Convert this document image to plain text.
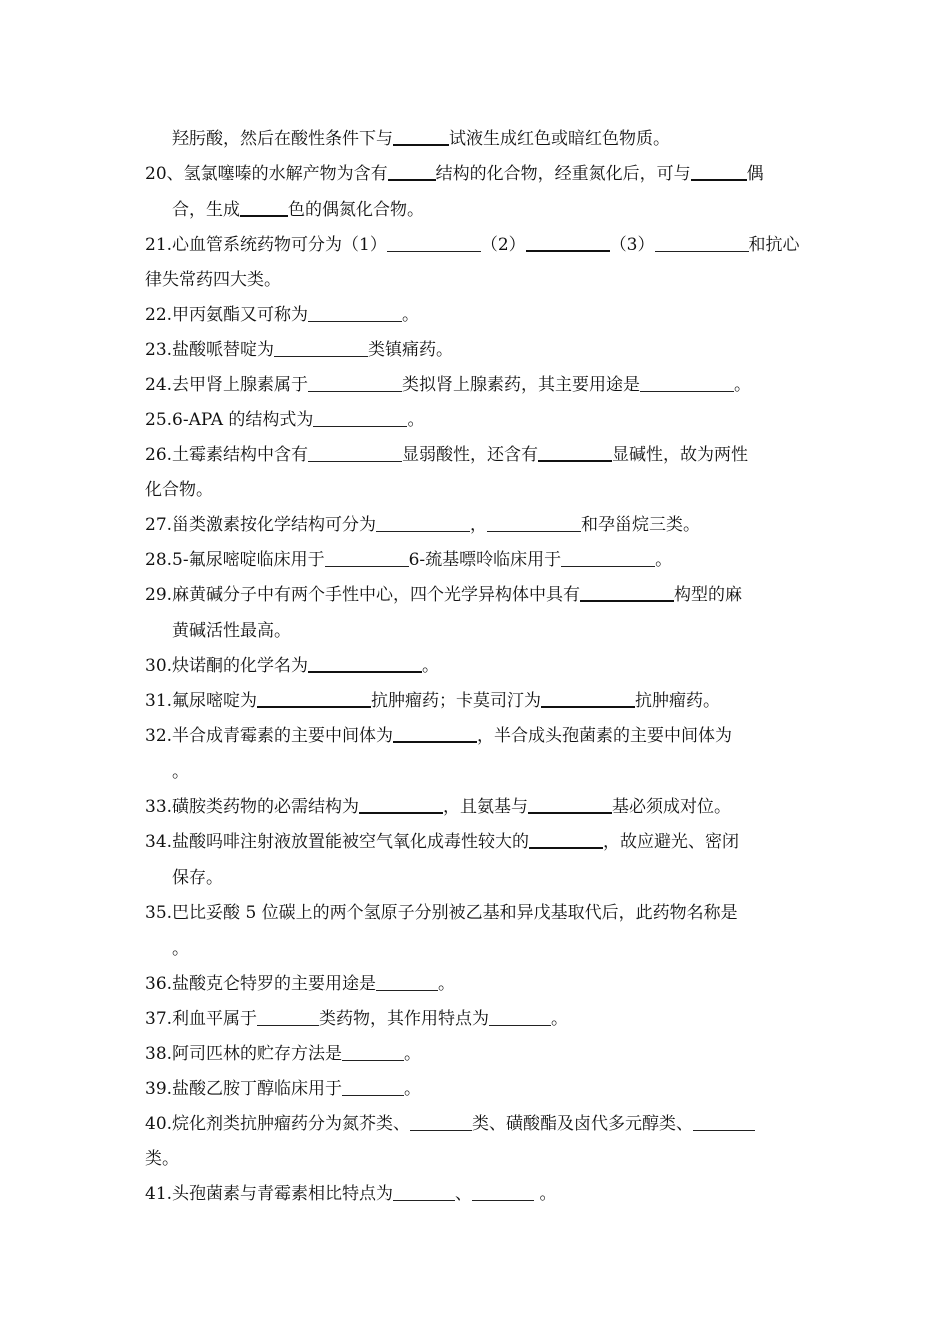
羟肟酸，然后在酸性条件下与	试液生成红色或暗红色物质。
20、氢氯噻嗪的水解产物为含有	结构的化合物，经重氮化后，可与	偶
合，生成	色的偶氮化合物。
21.心血管系统药物可分为（1）	（2）	（3）	和抗心
律失常药四大类。
22.甲丙氨酯又可称为	。
23.盐酸哌替啶为	类镇痛药。
24.去甲肾上腺素属于	类拟肾上腺素药，其主要用途是	。
25.6-APA 的结构式为	。
26.土霉素结构中含有	显弱酸性，还含有	显碱性，故为两性
化合物。
27.甾类激素按化学结构可分为	，	和孕甾烷三类。
28.5-氟尿嘧啶临床用于	6-巯基嘌呤临床用于	。
29.麻黄碱分子中有两个手性中心，四个光学异构体中具有	构型的麻
黄碱活性最高。
30.炔诺酮的化学名为	。
31.氟尿嘧啶为	抗肿瘤药；卡莫司汀为	抗肿瘤药。
32.半合成青霉素的主要中间体为	，半合成头孢菌素的主要中间体为
。
33.磺胺类药物的必需结构为	，且氨基与	基必须成对位。
34.盐酸吗啡注射液放置能被空气氧化成毒性较大的	，故应避光、密闭
保存。
35.巴比妥酸 5 位碳上的两个氢原子分别被乙基和异戊基取代后，此药物名称是
。
36.盐酸克仑特罗的主要用途是	。
37.利血平属于	类药物，其作用特点为	。
38.阿司匹林的贮存方法是	。
39.盐酸乙胺丁醇临床用于	。
40.烷化剂类抗肿瘤药分为氮芥类、	类、磺酸酯及卤代多元醇类、
类。
41.头孢菌素与青霉素相比特点为	、	。
